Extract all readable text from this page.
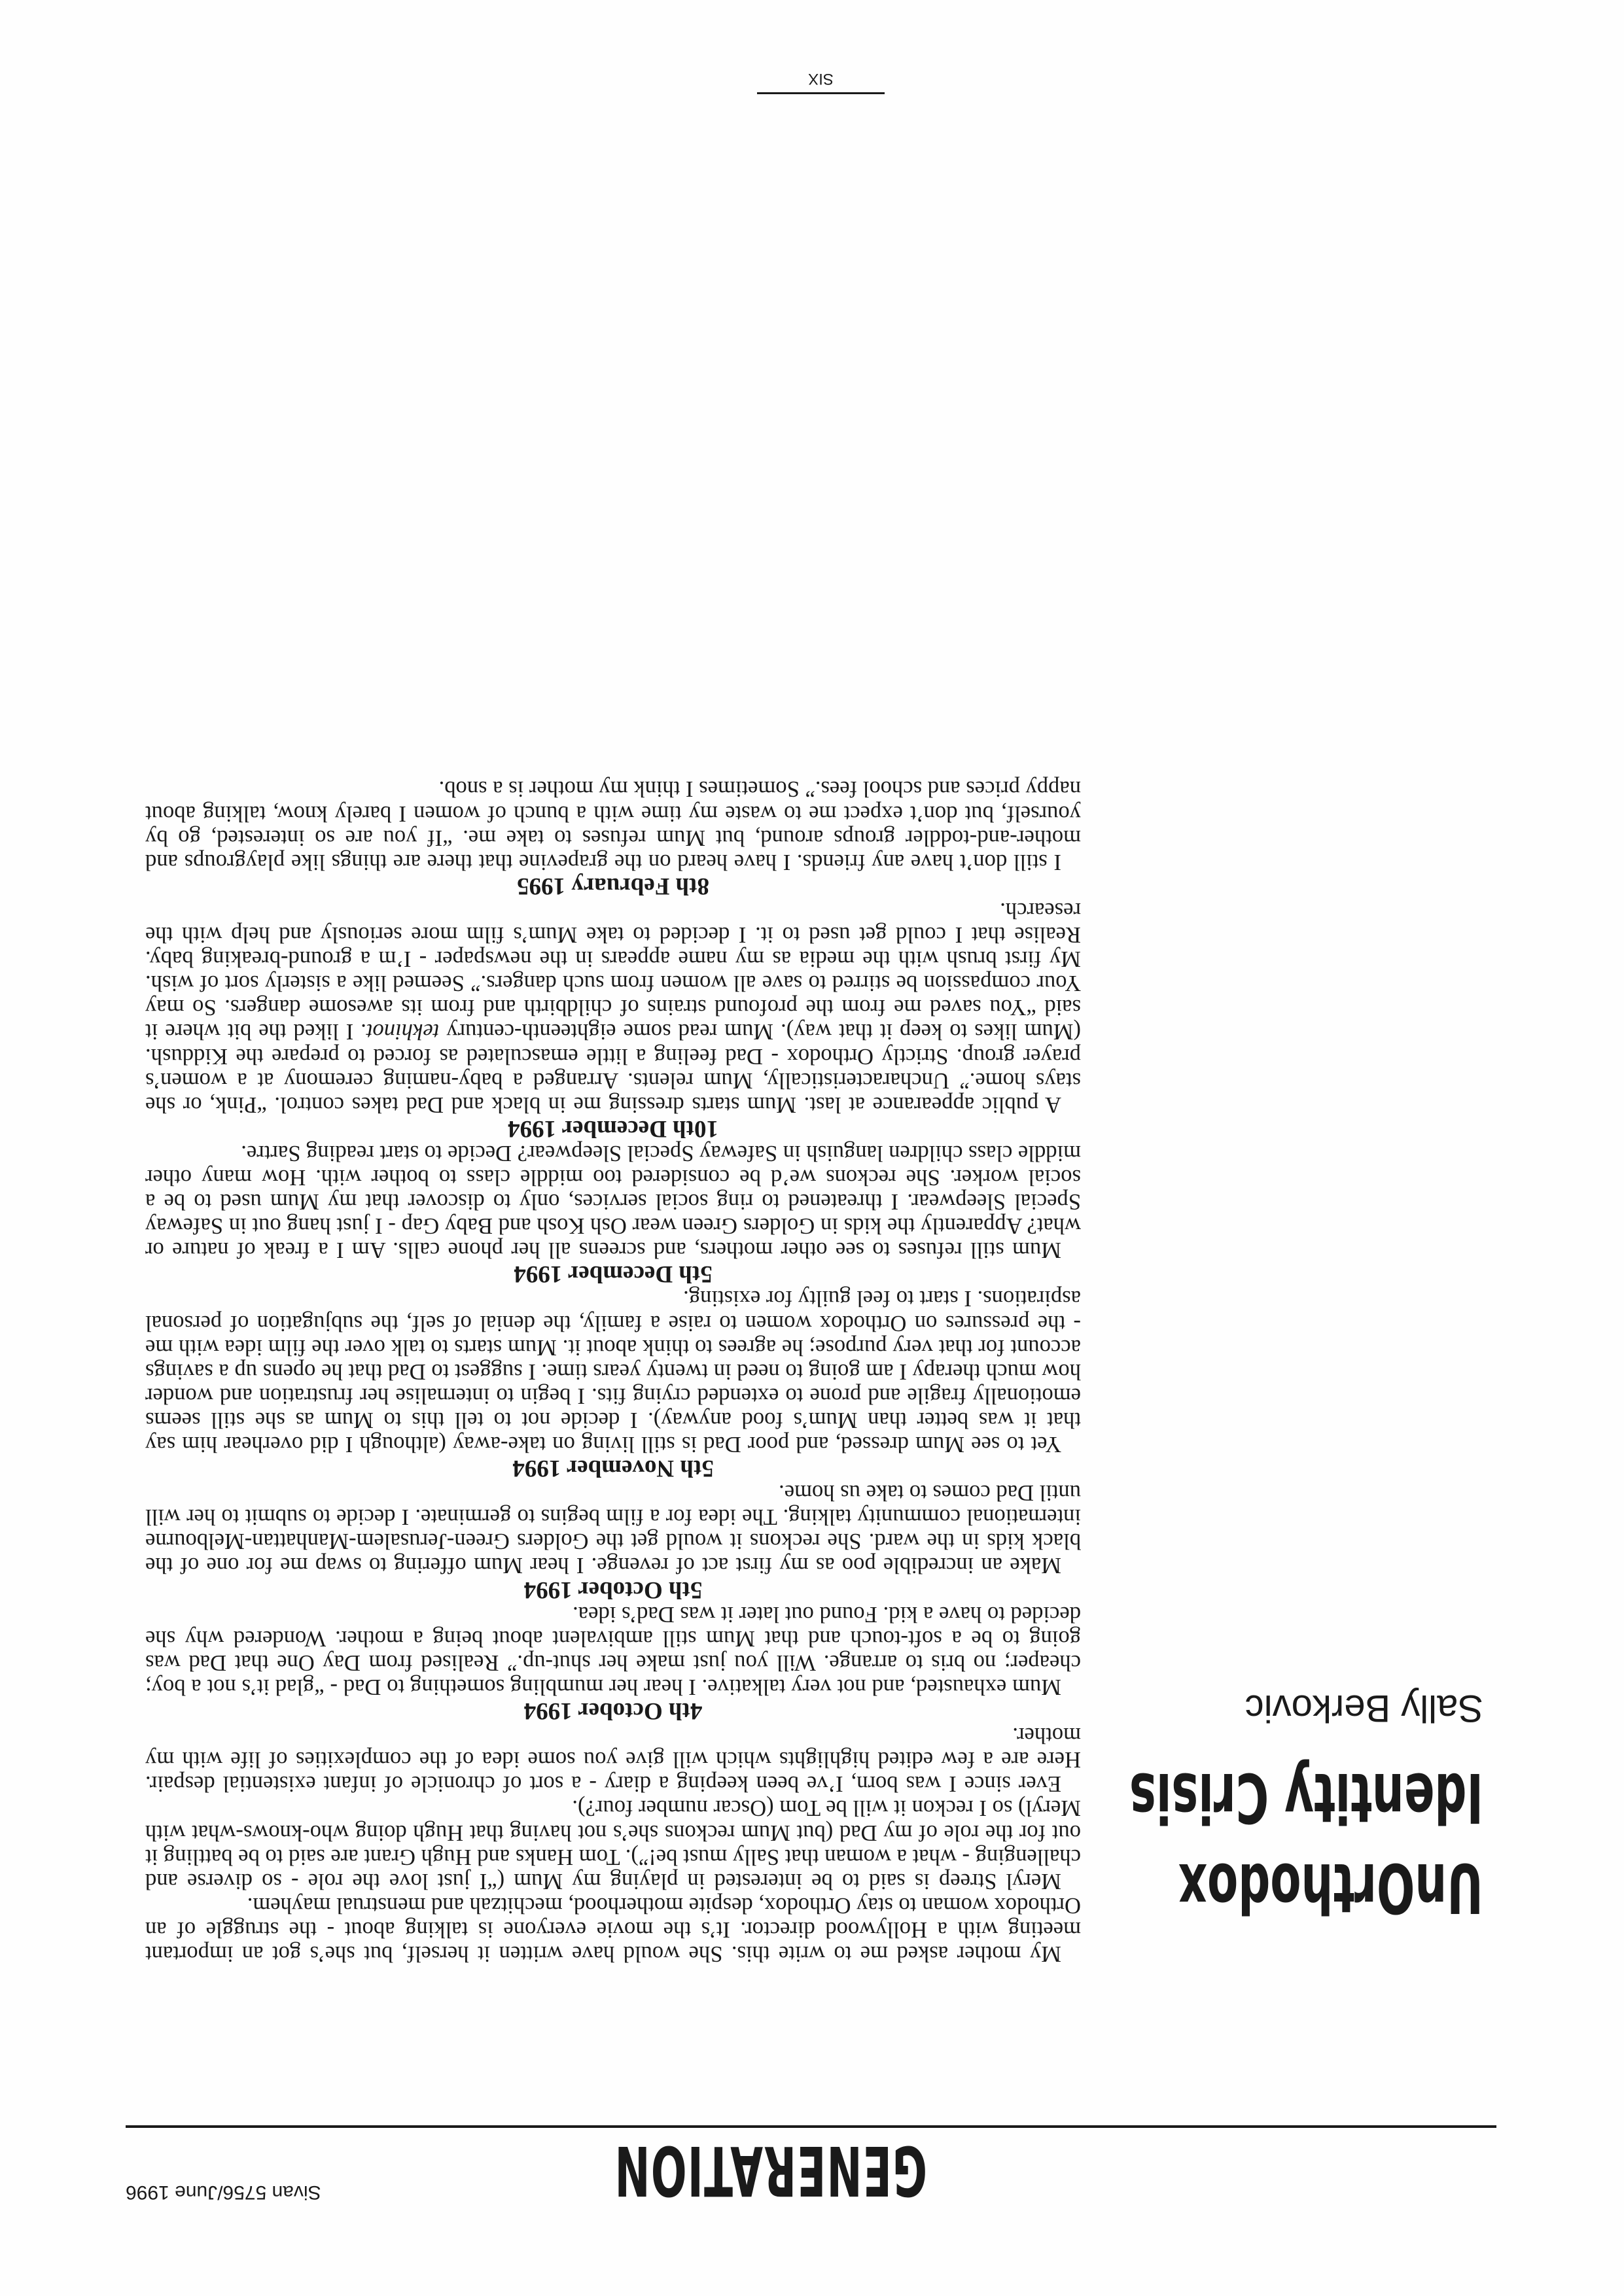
GENERATION
Sivan 5756/June 1996
UnOrthodox
Identity Crisis
Sally Berkovic

My mother asked me to write this. She would have written it herself, but she’s got an important meeting with a Hollywood director. It’s the movie everyone is talking about - the struggle of an Orthodox woman to stay Orthodox, despite motherhood, mechitzah and menstrual mayhem.

Meryl Streep is said to be interested in playing my Mum (“I just love the role - so diverse and challenging - what a woman that Sally must be!”). Tom Hanks and Hugh Grant are said to be battling it out for the role of my Dad (but Mum reckons she’s not having that Hugh doing who-knows-what with Meryl) so I reckon it will be Tom (Oscar number four?).

Ever since I was born, I’ve been keeping a diary - a sort of chronicle of infant existential despair. Here are a few edited highlights which will give you some idea of the complexities of life with my mother.

4th October 1994

Mum exhausted, and not very talkative. I hear her mumbling something to Dad - “glad it’s not a boy; cheaper; no bris to arrange. Will you just make her shut-up.” Realised from Day One that Dad was going to be a soft-touch and that Mum still ambivalent about being a mother. Wondered why she decided to have a kid. Found out later it was Dad’s idea.

5th October 1994

Make an incredible poo as my first act of revenge. I hear Mum offering to swap me for one of the black kids in the ward. She reckons it would get the Golders Green-Jerusalem-Manhattan-Melbourne international community talking. The idea for a film begins to germinate. I decide to submit to her will until Dad comes to take us home.

5th November 1994

Yet to see Mum dressed, and poor Dad is still living on take-away (although I did overhear him say that it was better than Mum’s food anyway). I decide not to tell this to Mum as she still seems emotionally fragile and prone to extended crying fits. I begin to internalise her frustration and wonder how much therapy I am going to need in twenty years time. I suggest to Dad that he opens up a savings account for that very purpose; he agrees to think about it. Mum starts to talk over the film idea with me - the pressures on Orthodox women to raise a family, the denial of self, the subjugation of personal aspirations. I start to feel guilty for existing.

5th December 1994

Mum still refuses to see other mothers, and screens all her phone calls. Am I a freak of nature or what? Apparently the kids in Golders Green wear Osh Kosh and Baby Gap - I just hang out in Safeway Special Sleepwear. I threatened to ring social services, only to discover that my Mum used to be a social worker. She reckons we’d be considered too middle class to bother with. How many other middle class children languish in Safeway Special Sleepwear? Decide to start reading Sartre.

10th December 1994

A public appearance at last. Mum starts dressing me in black and Dad takes control. “Pink, or she stays home.” Uncharacteristically, Mum relents. Arranged a baby-naming ceremony at a women’s prayer group. Strictly Orthodox - Dad feeling a little emasculated as forced to prepare the Kiddush. (Mum likes to keep it that way). Mum read some eighteenth-century tekhinot. I liked the bit where it said “You saved me from the profound strains of childbirth and from its awesome dangers. So may Your compassion be stirred to save all women from such dangers.” Seemed like a sisterly sort of wish. My first brush with the media as my name appears in the newspaper - I’m a ground-breaking baby. Realise that I could get used to it. I decided to take Mum’s film more seriously and help with the research.

8th February 1995

I still don’t have any friends. I have heard on the grapevine that there are things like playgroups and mother-and-toddler groups around, but Mum refuses to take me. “If you are so interested, go by yourself, but don’t expect me to waste my time with a bunch of women I barely know, talking about nappy prices and school fees.” Sometimes I think my mother is a snob.

SIX
